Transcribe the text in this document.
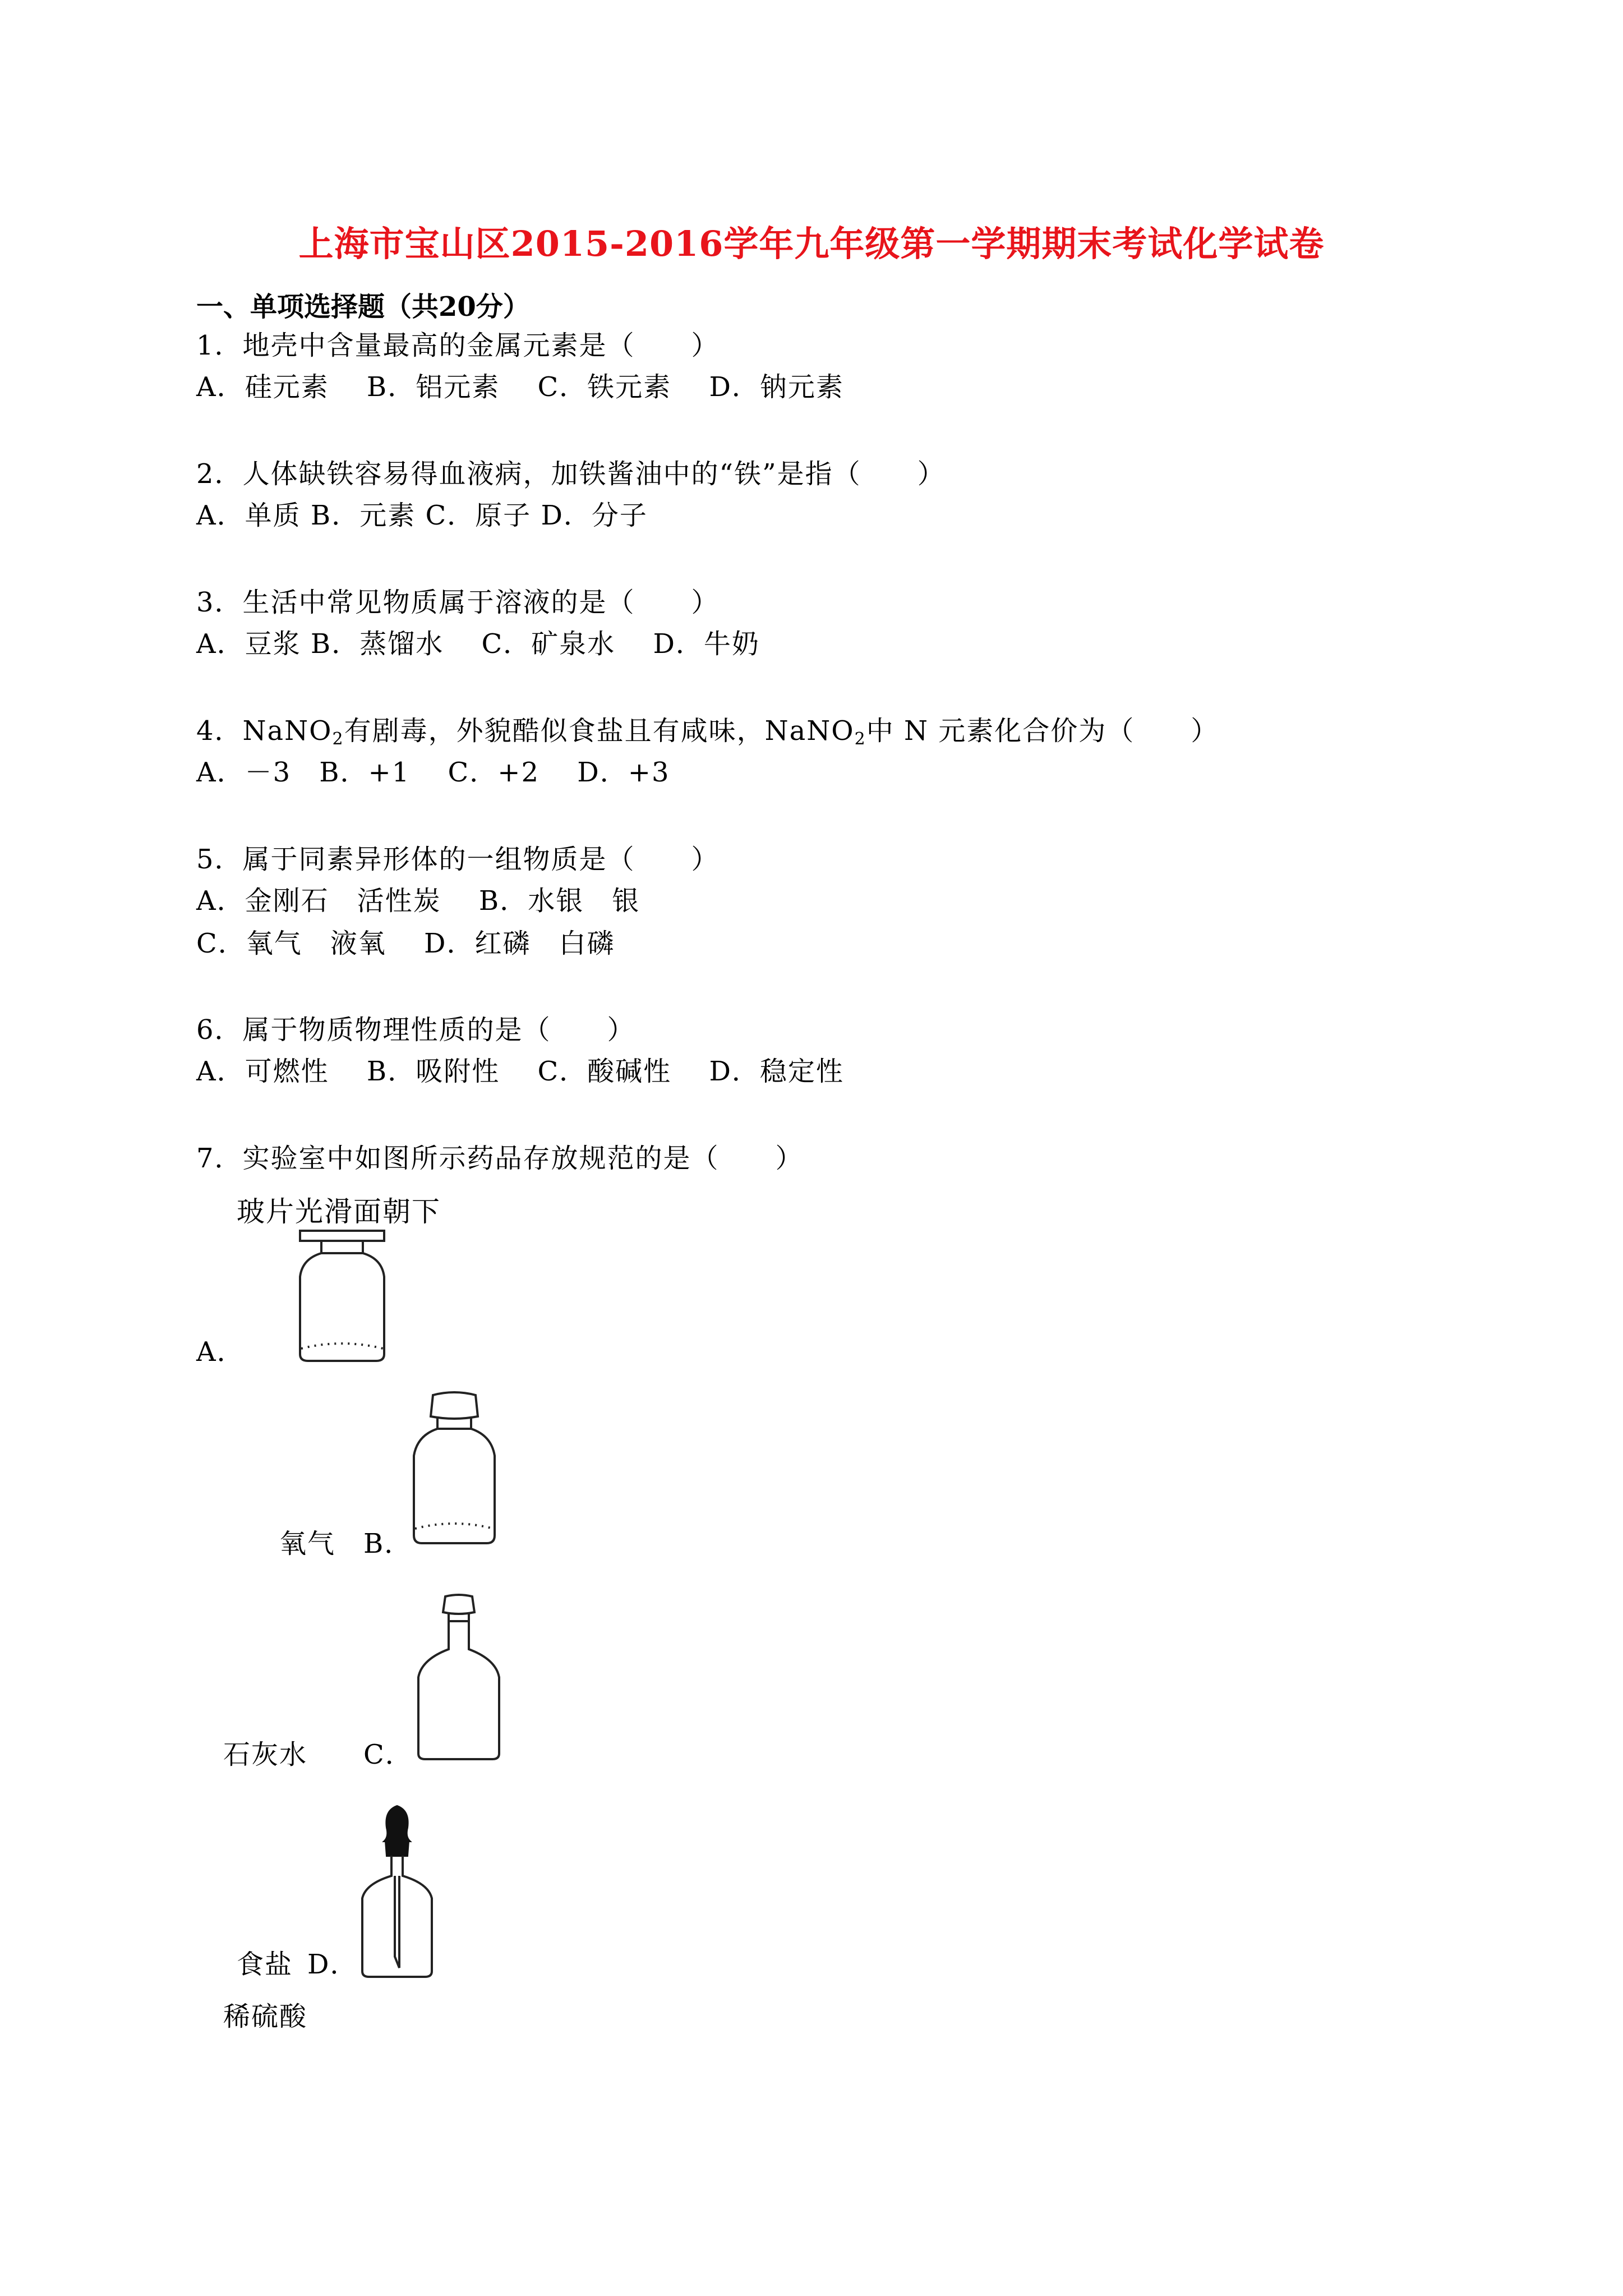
上海市宝山区2015-2016学年九年级第一学期期末考试化学试卷
一、单项选择题（共20分）
1．地壳中含量最高的金属元素是（　　）
A．硅元素　 B．铝元素　 C．铁元素　 D．钠元素
2．人体缺铁容易得血液病，加铁酱油中的“铁”是指（　　）
A．单质 B．元素 C．原子 D．分子
3．生活中常见物质属于溶液的是（　　）
A．豆浆 B．蒸馏水　 C．矿泉水　 D．牛奶
4．NaNO$_2$有剧毒，外貌酷似食盐且有咸味，NaNO$_2$中 N 元素化合价为（　　）
A．－3　B．+1　 C．+2　 D．+3
5．属于同素异形体的一组物质是（　　）
A．金刚石　活性炭　 B．水银　银
C．氧气　液氧　 D．红磷　白磷
6．属于物质物理性质的是（　　）
A．可燃性　 B．吸附性　 C．酸碱性　 D．稳定性
7．实验室中如图所示药品存放规范的是（　　）
玻片光滑面朝下
A．
氧气 B．
石灰水 C．
食盐 D．
稀硫酸
